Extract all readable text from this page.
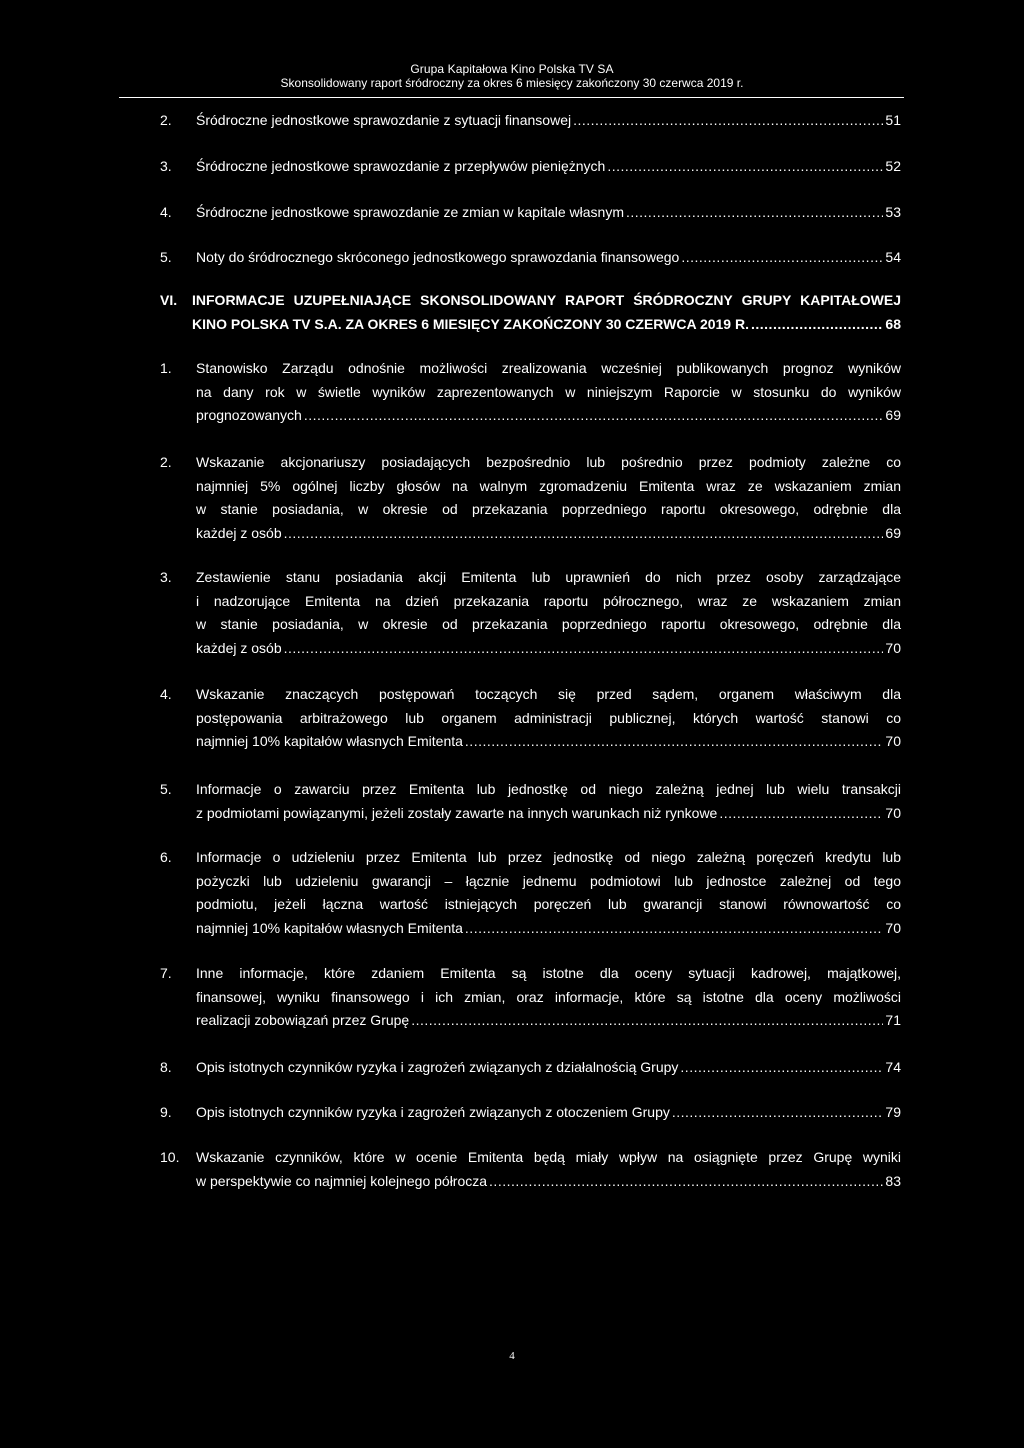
Grupa Kapitałowa Kino Polska TV SA
Skonsolidowany raport śródroczny za okres 6 miesięcy zakończony 30 czerwca 2019 r.
2. Śródroczne jednostkowe sprawozdanie z sytuacji finansowej .....	51
3. Śródroczne jednostkowe sprawozdanie z przepływów pieniężnych .....	52
4. Śródroczne jednostkowe sprawozdanie ze zmian w kapitale własnym .....	53
5. Noty do śródrocznego skróconego jednostkowego sprawozdania finansowego .....	54
VI. INFORMACJE UZUPEŁNIAJĄCE SKONSOLIDOWANY RAPORT ŚRÓDROCZNY GRUPY KAPITAŁOWEJ
KINO POLSKA TV S.A. ZA OKRES 6 MIESIĘCY ZAKOŃCZONY 30 CZERWCA 2019 R. .....	68
1. Stanowisko Zarządu odnośnie możliwości zrealizowania wcześniej publikowanych prognoz wyników
na dany rok w świetle wyników zaprezentowanych w niniejszym Raporcie w stosunku do wyników
prognozowanych .....	69
2. Wskazanie akcjonariuszy posiadających bezpośrednio lub pośrednio przez podmioty zależne co
najmniej 5% ogólnej liczby głosów na walnym zgromadzeniu Emitenta wraz ze wskazaniem zmian
w stanie posiadania, w okresie od przekazania poprzedniego raportu okresowego, odrębnie dla
każdej z osób .....	69
3. Zestawienie stanu posiadania akcji Emitenta lub uprawnień do nich przez osoby zarządzające
i nadzorujące Emitenta na dzień przekazania raportu półrocznego, wraz ze wskazaniem zmian
w stanie posiadania, w okresie od przekazania poprzedniego raportu okresowego, odrębnie dla
każdej z osób .....	70
4. Wskazanie znaczących postępowań toczących się przed sądem, organem właściwym dla
postępowania arbitrażowego lub organem administracji publicznej, których wartość stanowi co
najmniej 10% kapitałów własnych Emitenta .....	70
5. Informacje o zawarciu przez Emitenta lub jednostkę od niego zależną jednej lub wielu transakcji
z podmiotami powiązanymi, jeżeli zostały zawarte na innych warunkach niż rynkowe .....	70
6. Informacje o udzieleniu przez Emitenta lub przez jednostkę od niego zależną poręczeń kredytu lub
pożyczki lub udzieleniu gwarancji – łącznie jednemu podmiotowi lub jednostce zależnej od tego
podmiotu, jeżeli łączna wartość istniejących poręczeń lub gwarancji stanowi równowartość co
najmniej 10% kapitałów własnych Emitenta .....	70
7. Inne informacje, które zdaniem Emitenta są istotne dla oceny sytuacji kadrowej, majątkowej,
finansowej, wyniku finansowego i ich zmian, oraz informacje, które są istotne dla oceny możliwości
realizacji zobowiązań przez Grupę .....	71
8. Opis istotnych czynników ryzyka i zagrożeń związanych z działalnością Grupy .....	74
9. Opis istotnych czynników ryzyka i zagrożeń związanych z otoczeniem Grupy .....	79
10. Wskazanie czynników, które w ocenie Emitenta będą miały wpływ na osiągnięte przez Grupę wyniki
w perspektywie co najmniej kolejnego półrocza .....	83
4
